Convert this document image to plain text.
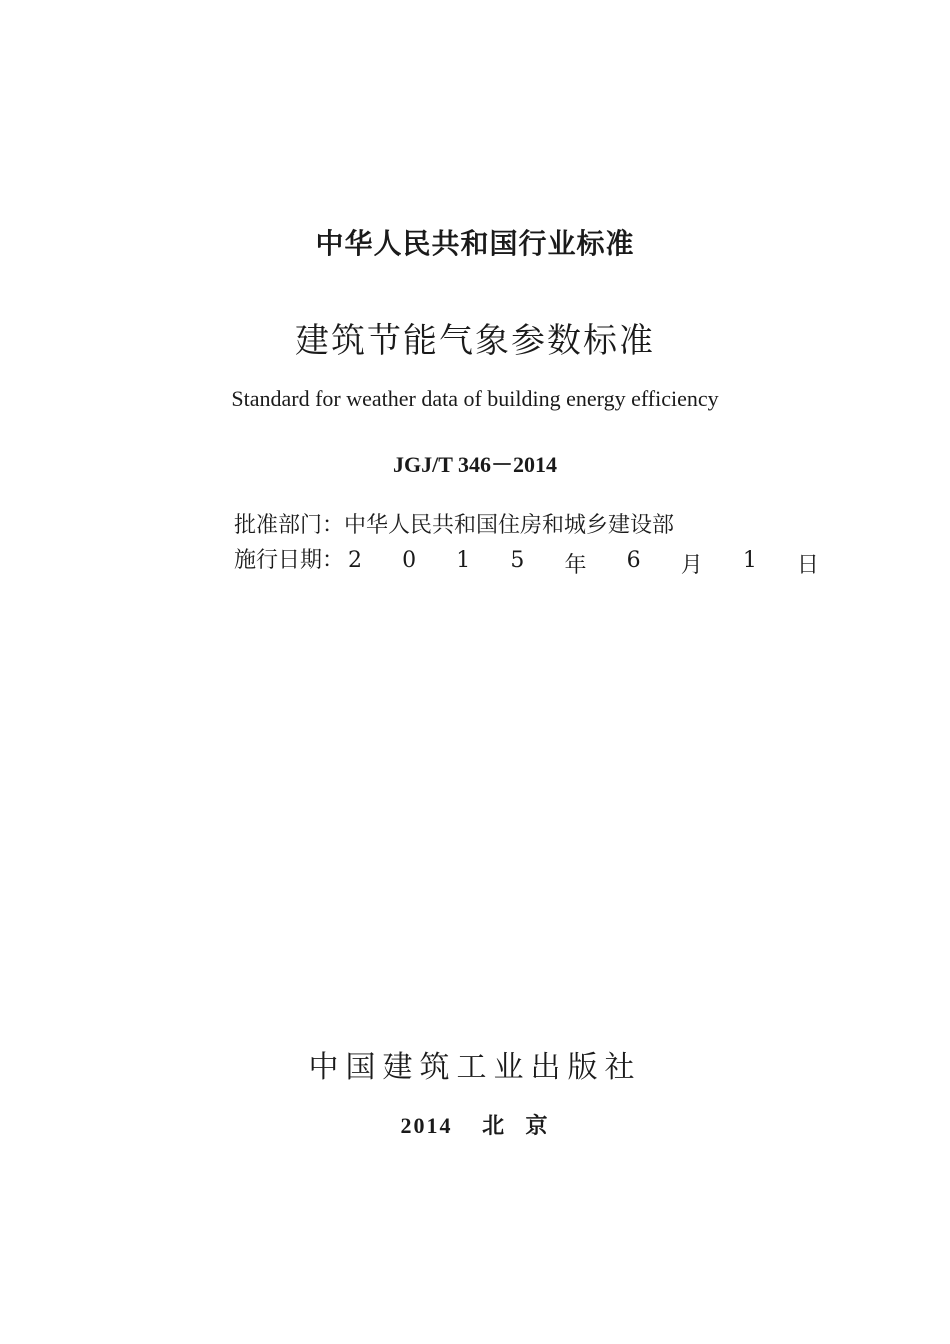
中华人民共和国行业标准
建筑节能气象参数标准
Standard for weather data of building energy efficiency
JGJ/T 346－2014
批准部门： 中华人民共和国住房和城乡建设部
施行日期： 2 0 1 5 年 6 月 1 日
中国建筑工业出版社
2014 北  京
